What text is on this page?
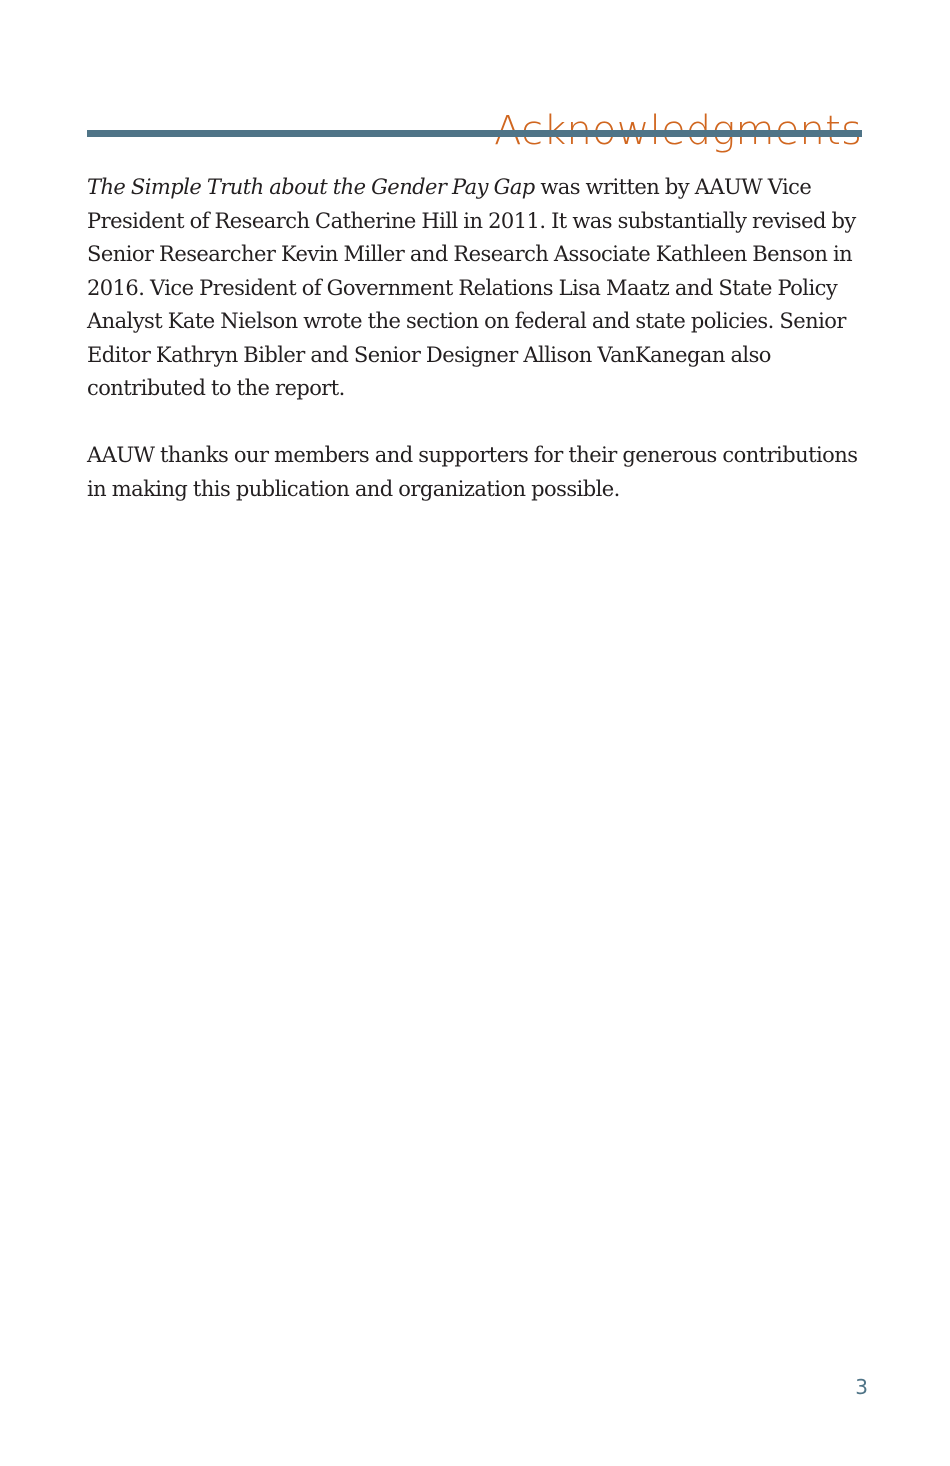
The Simple Truth about the Gender Pay Gap was written by AAUW Vice President of Research Catherine Hill in 2011. It was substantially revised by Senior Researcher Kevin Miller and Research Associate Kathleen Benson in 2016. Vice President of Government Relations Lisa Maatz and State Policy Analyst Kate Nielson wrote the section on federal and state policies. Senior Editor Kathryn Bibler and Senior Designer Allison VanKanegan also contributed to the report.

AAUW thanks our members and supporters for their generous contributions in making this publication and organization possible.

3
